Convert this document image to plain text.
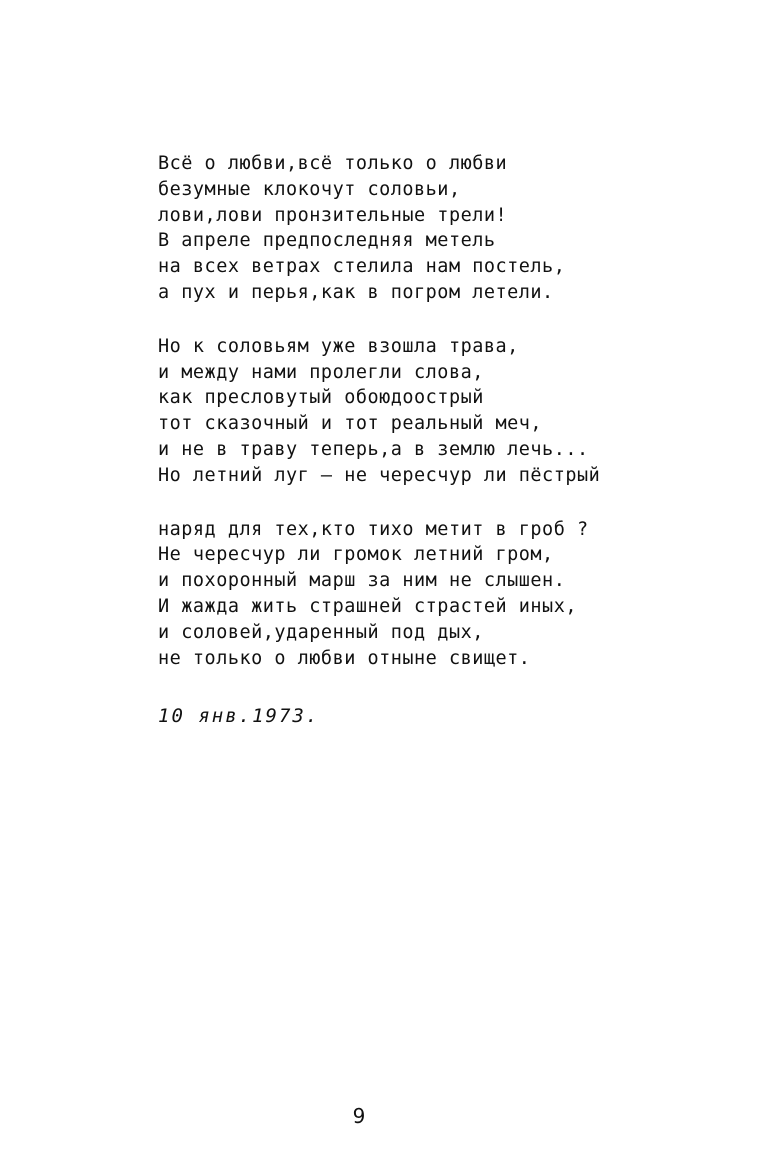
Всё о любви,всё только о любви
безумные клокочут соловьи,
лови,лови пронзительные трели!
В апреле предпоследняя метель
на всех ветрах стелила нам постель,
а пух и перья,как в погром летели.
Но к соловьям уже взошла трава,
и между нами пролегли слова,
как пресловутый обоюдоострый
тот сказочный и тот реальный меч,
и не в траву теперь,а в землю лечь...
Но летний луг — не чересчур ли пёстрый
наряд для тех,кто тихо метит в гроб ?
Не чересчур ли громок летний гром,
и похоронный марш за ним не слышен.
И жажда жить страшней страстей иных,
и соловей,ударенный под дых,
не только о любви отныне свищет.
10 янв.1973.
9
